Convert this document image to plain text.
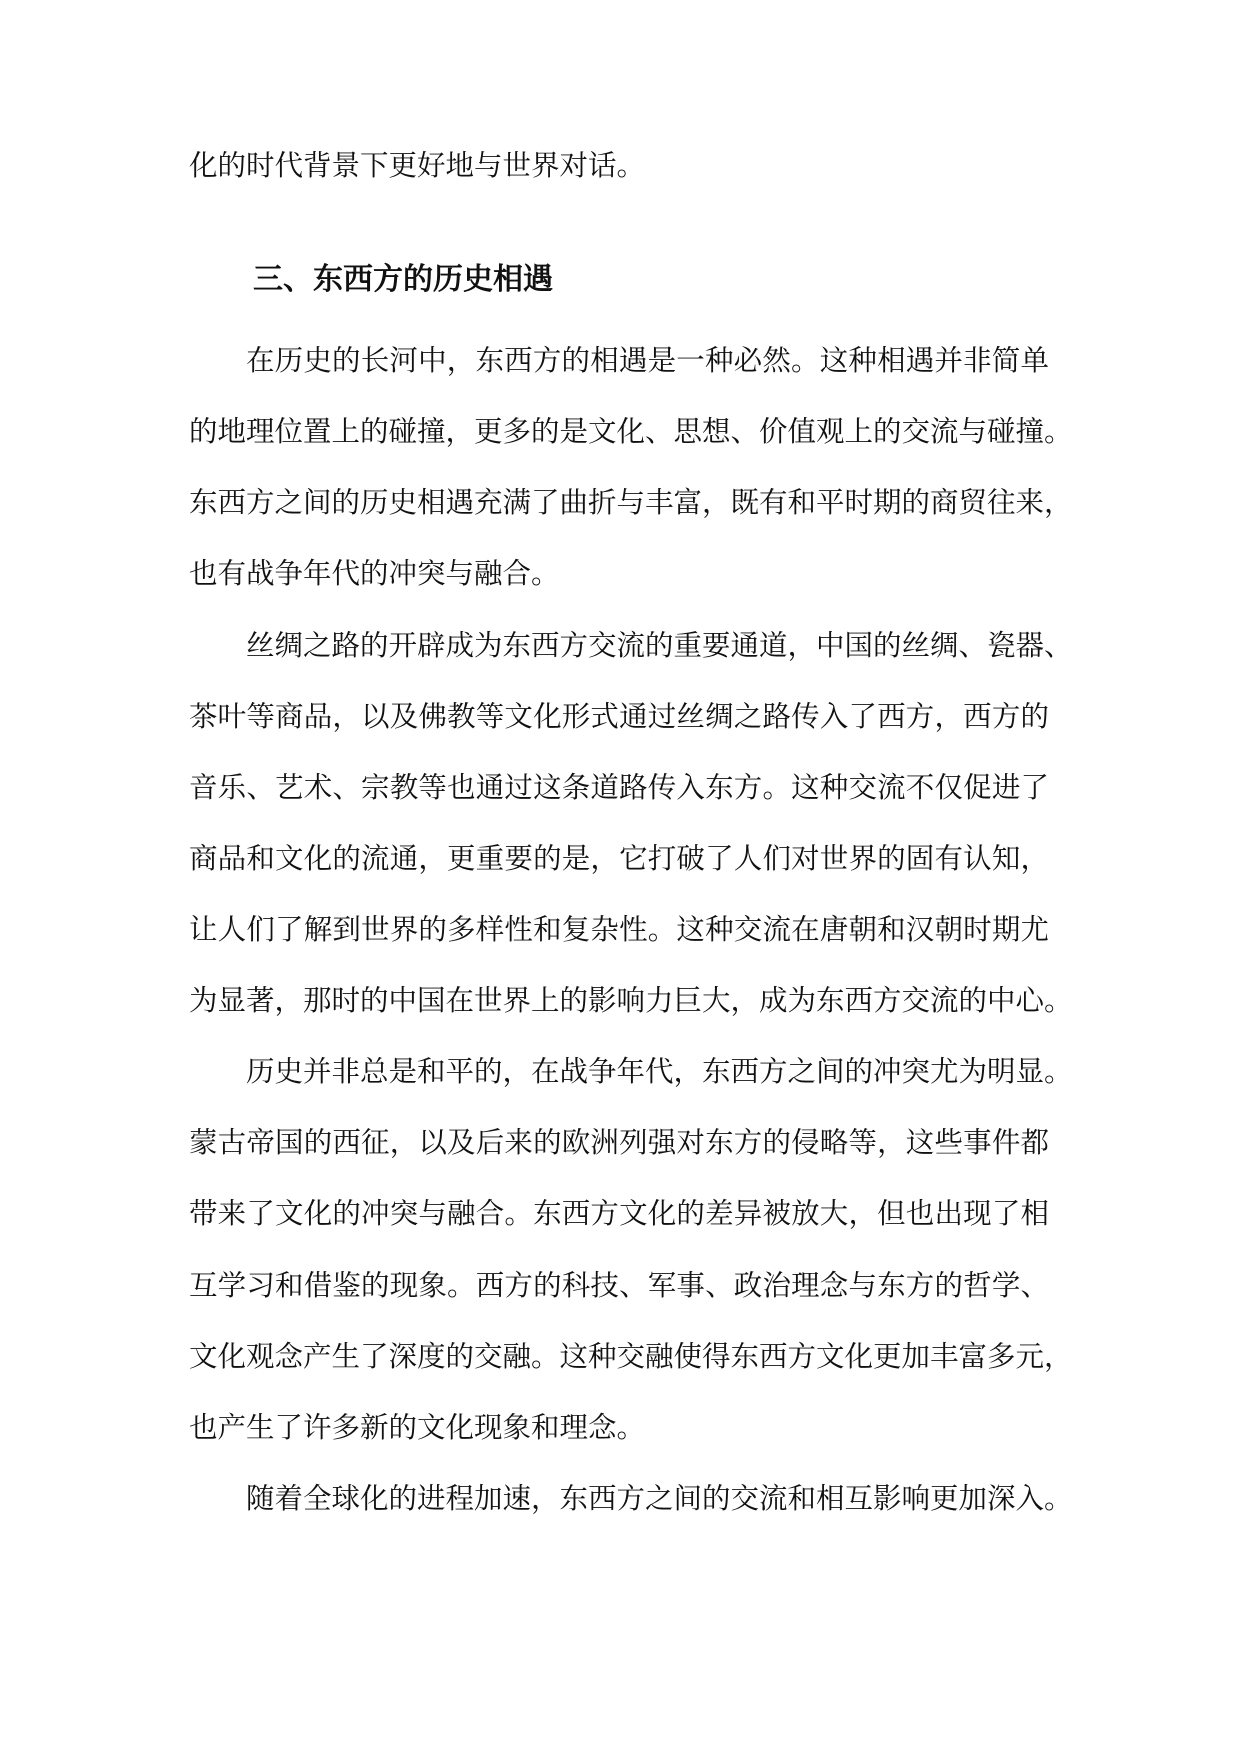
化的时代背景下更好地与世界对话。
三、东西方的历史相遇
在历史的长河中，东西方的相遇是一种必然。这种相遇并非简单
的地理位置上的碰撞，更多的是文化、思想、价值观上的交流与碰撞。
东西方之间的历史相遇充满了曲折与丰富，既有和平时期的商贸往来，
也有战争年代的冲突与融合。
丝绸之路的开辟成为东西方交流的重要通道，中国的丝绸、瓷器、
茶叶等商品，以及佛教等文化形式通过丝绸之路传入了西方，西方的
音乐、艺术、宗教等也通过这条道路传入东方。这种交流不仅促进了
商品和文化的流通，更重要的是，它打破了人们对世界的固有认知，
让人们了解到世界的多样性和复杂性。这种交流在唐朝和汉朝时期尤
为显著，那时的中国在世界上的影响力巨大，成为东西方交流的中心。
历史并非总是和平的，在战争年代，东西方之间的冲突尤为明显。
蒙古帝国的西征，以及后来的欧洲列强对东方的侵略等，这些事件都
带来了文化的冲突与融合。东西方文化的差异被放大，但也出现了相
互学习和借鉴的现象。西方的科技、军事、政治理念与东方的哲学、
文化观念产生了深度的交融。这种交融使得东西方文化更加丰富多元，
也产生了许多新的文化现象和理念。
随着全球化的进程加速，东西方之间的交流和相互影响更加深入。
